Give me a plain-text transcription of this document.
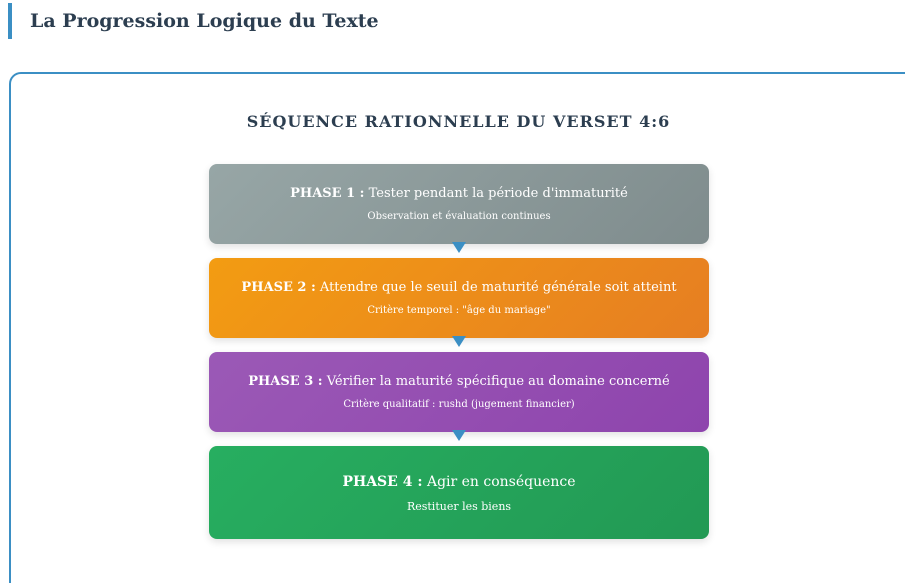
La Progression Logique du Texte
SÉQUENCE RATIONNELLE DU VERSET 4:6
PHASE 1 : Tester pendant la période d'immaturité
Observation et évaluation continues
PHASE 2 : Attendre que le seuil de maturité générale soit atteint
Critère temporel : "âge du mariage"
PHASE 3 : Vérifier la maturité spécifique au domaine concerné
Critère qualitatif : rushd (jugement financier)
PHASE 4 : Agir en conséquence
Restituer les biens
